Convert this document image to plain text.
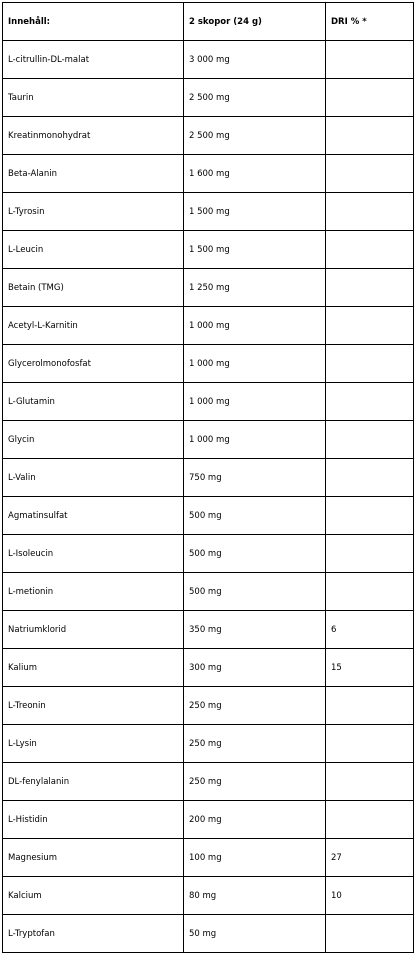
Innehåll:	2 skopor (24 g)	DRI % *
L-citrullin-DL-malat	3 000 mg	
Taurin	2 500 mg	
Kreatinmonohydrat	2 500 mg	
Beta-Alanin	1 600 mg	
L-Tyrosin	1 500 mg	
L-Leucin	1 500 mg	
Betain (TMG)	1 250 mg	
Acetyl-L-Karnitin	1 000 mg	
Glycerolmonofosfat	1 000 mg	
L-Glutamin	1 000 mg	
Glycin	1 000 mg	
L-Valin	750 mg	
Agmatinsulfat	500 mg	
L-Isoleucin	500 mg	
L-metionin	500 mg	
Natriumklorid	350 mg	6
Kalium	300 mg	15
L-Treonin	250 mg	
L-Lysin	250 mg	
DL-fenylalanin	250 mg	
L-Histidin	200 mg	
Magnesium	100 mg	27
Kalcium	80 mg	10
L-Tryptofan	50 mg	
